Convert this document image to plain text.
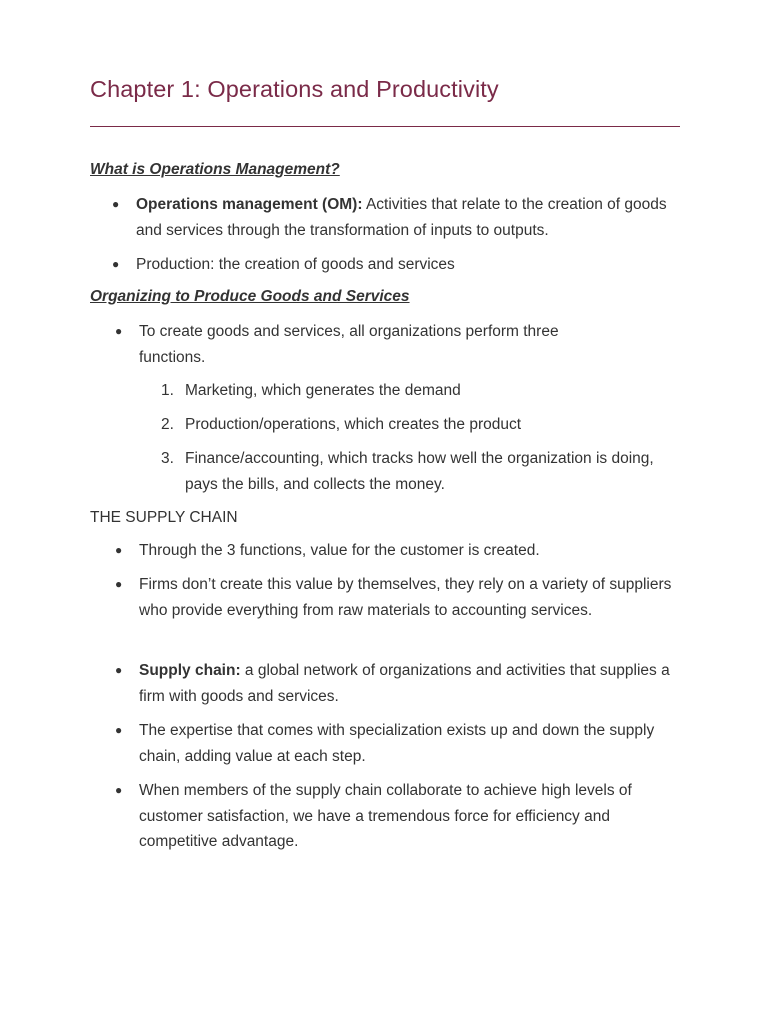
Chapter 1: Operations and Productivity
What is Operations Management?
● Operations management (OM): Activities that relate to the creation of goods and services through the transformation of inputs to outputs.
● Production: the creation of goods and services
Organizing to Produce Goods and Services
● To create goods and services, all organizations perform three functions.
1. Marketing, which generates the demand
2. Production/operations, which creates the product
3. Finance/accounting, which tracks how well the organization is doing, pays the bills, and collects the money.
THE SUPPLY CHAIN
● Through the 3 functions, value for the customer is created.
● Firms don’t create this value by themselves, they rely on a variety of suppliers who provide everything from raw materials to accounting services.
● Supply chain: a global network of organizations and activities that supplies a firm with goods and services.
● The expertise that comes with specialization exists up and down the supply chain, adding value at each step.
● When members of the supply chain collaborate to achieve high levels of customer satisfaction, we have a tremendous force for efficiency and competitive advantage.
